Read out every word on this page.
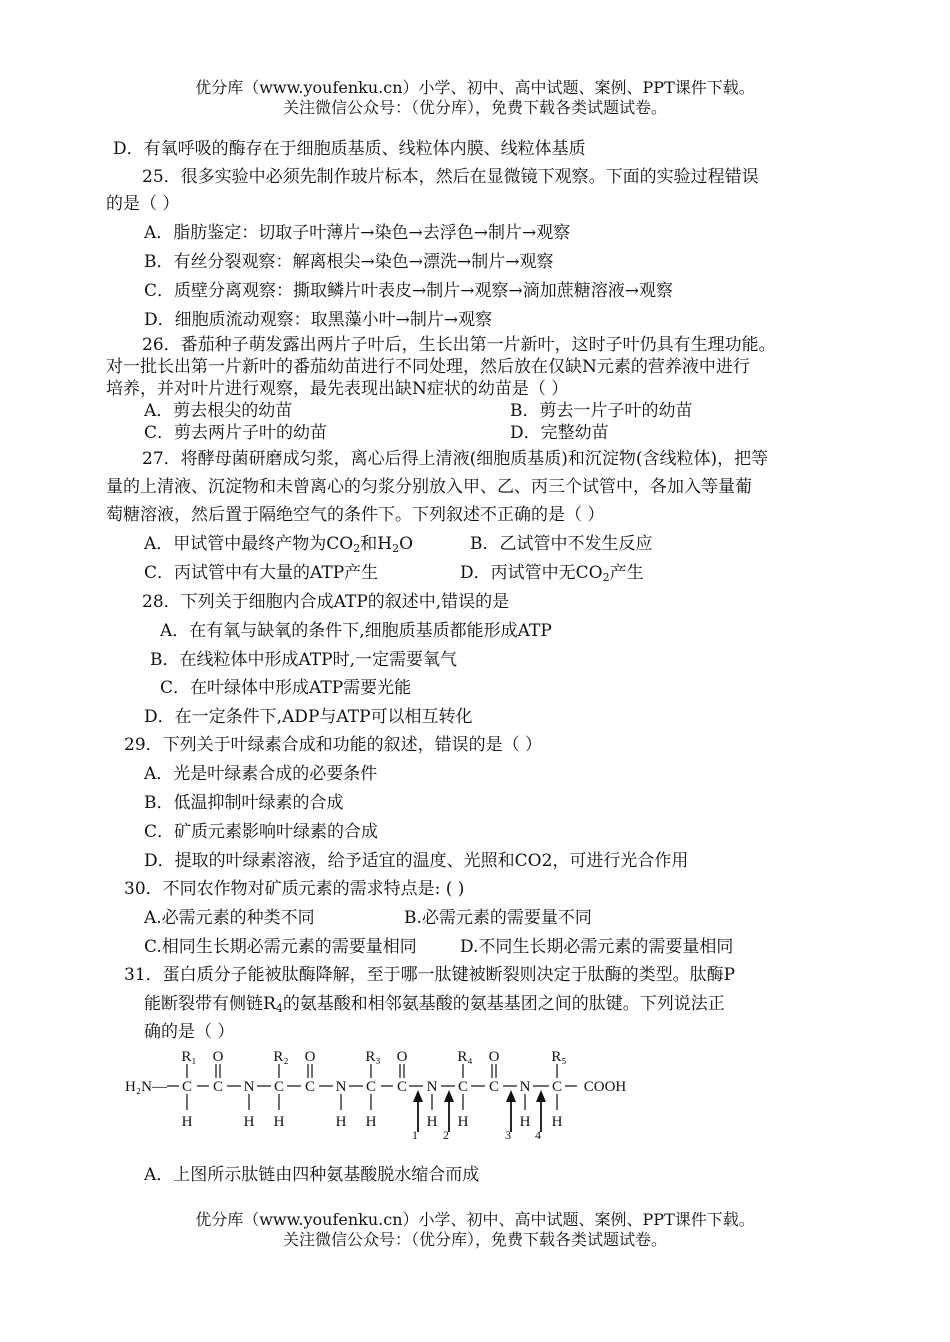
优分库（www.youfenku.cn）小学、初中、高中试题、案例、PPT课件下载。
关注微信公众号：（优分库），免费下载各类试题试卷。
D．有氧呼吸的酶存在于细胞质基质、线粒体内膜、线粒体基质
25．很多实验中必须先制作玻片标本，然后在显微镜下观察。下面的实验过程错误
的是（ ）
A．脂肪鉴定：切取子叶薄片→染色→去浮色→制片→观察
B．有丝分裂观察：解离根尖→染色→漂洗→制片→观察
C．质壁分离观察：撕取鳞片叶表皮→制片→观察→滴加蔗糖溶液→观察
D．细胞质流动观察：取黑藻小叶→制片→观察
26．番茄种子萌发露出两片子叶后，生长出第一片新叶，这时子叶仍具有生理功能。
对一批长出第一片新叶的番茄幼苗进行不同处理，然后放在仅缺N元素的营养液中进行
培养，并对叶片进行观察，最先表现出缺N症状的幼苗是（ ）
A．剪去根尖的幼苗	B．剪去一片子叶的幼苗
C．剪去两片子叶的幼苗	D．完整幼苗
27．将酵母菌研磨成匀浆，离心后得上清液(细胞质基质)和沉淀物(含线粒体)，把等
量的上清液、沉淀物和未曾离心的匀浆分别放入甲、乙、丙三个试管中，各加入等量葡
萄糖溶液，然后置于隔绝空气的条件下。下列叙述不正确的是（ ）
A．甲试管中最终产物为$CO_2$和$H_2O$	B．乙试管中不发生反应
C．丙试管中有大量的ATP产生	D．丙试管中无$CO_2$产生
28．下列关于细胞内合成ATP的叙述中,错误的是
A．在有氧与缺氧的条件下,细胞质基质都能形成ATP
B．在线粒体中形成ATP时,一定需要氧气
C．在叶绿体中形成ATP需要光能
D．在一定条件下,ADP与ATP可以相互转化
29．下列关于叶绿素合成和功能的叙述，错误的是（ ）
A．光是叶绿素合成的必要条件
B．低温抑制叶绿素的合成
C．矿质元素影响叶绿素的合成
D．提取的叶绿素溶液，给予适宜的温度、光照和CO2，可进行光合作用
30．不同农作物对矿质元素的需求特点是: ( )
A.必需元素的种类不同	B.必需元素的需要量不同
C.相同生长期必需元素的需要量相同	D.不同生长期必需元素的需要量相同
31．蛋白质分子能被肽酶降解，至于哪一肽键被断裂则决定于肽酶的类型。肽酶P
能断裂带有侧链$R_4$的氨基酸和相邻氨基酸的氨基基团之间的肽键。下列说法正
确的是（ ）
H₂N— C C N C C N C C N C C N C COOH
O	O	O	O
R₁	R₂	R₃	R₄	R₅
H	H H	H H	H H	H H
1 2	3 4
A．上图所示肽链由四种氨基酸脱水缩合而成
优分库（www.youfenku.cn）小学、初中、高中试题、案例、PPT课件下载。
关注微信公众号：（优分库），免费下载各类试题试卷。
